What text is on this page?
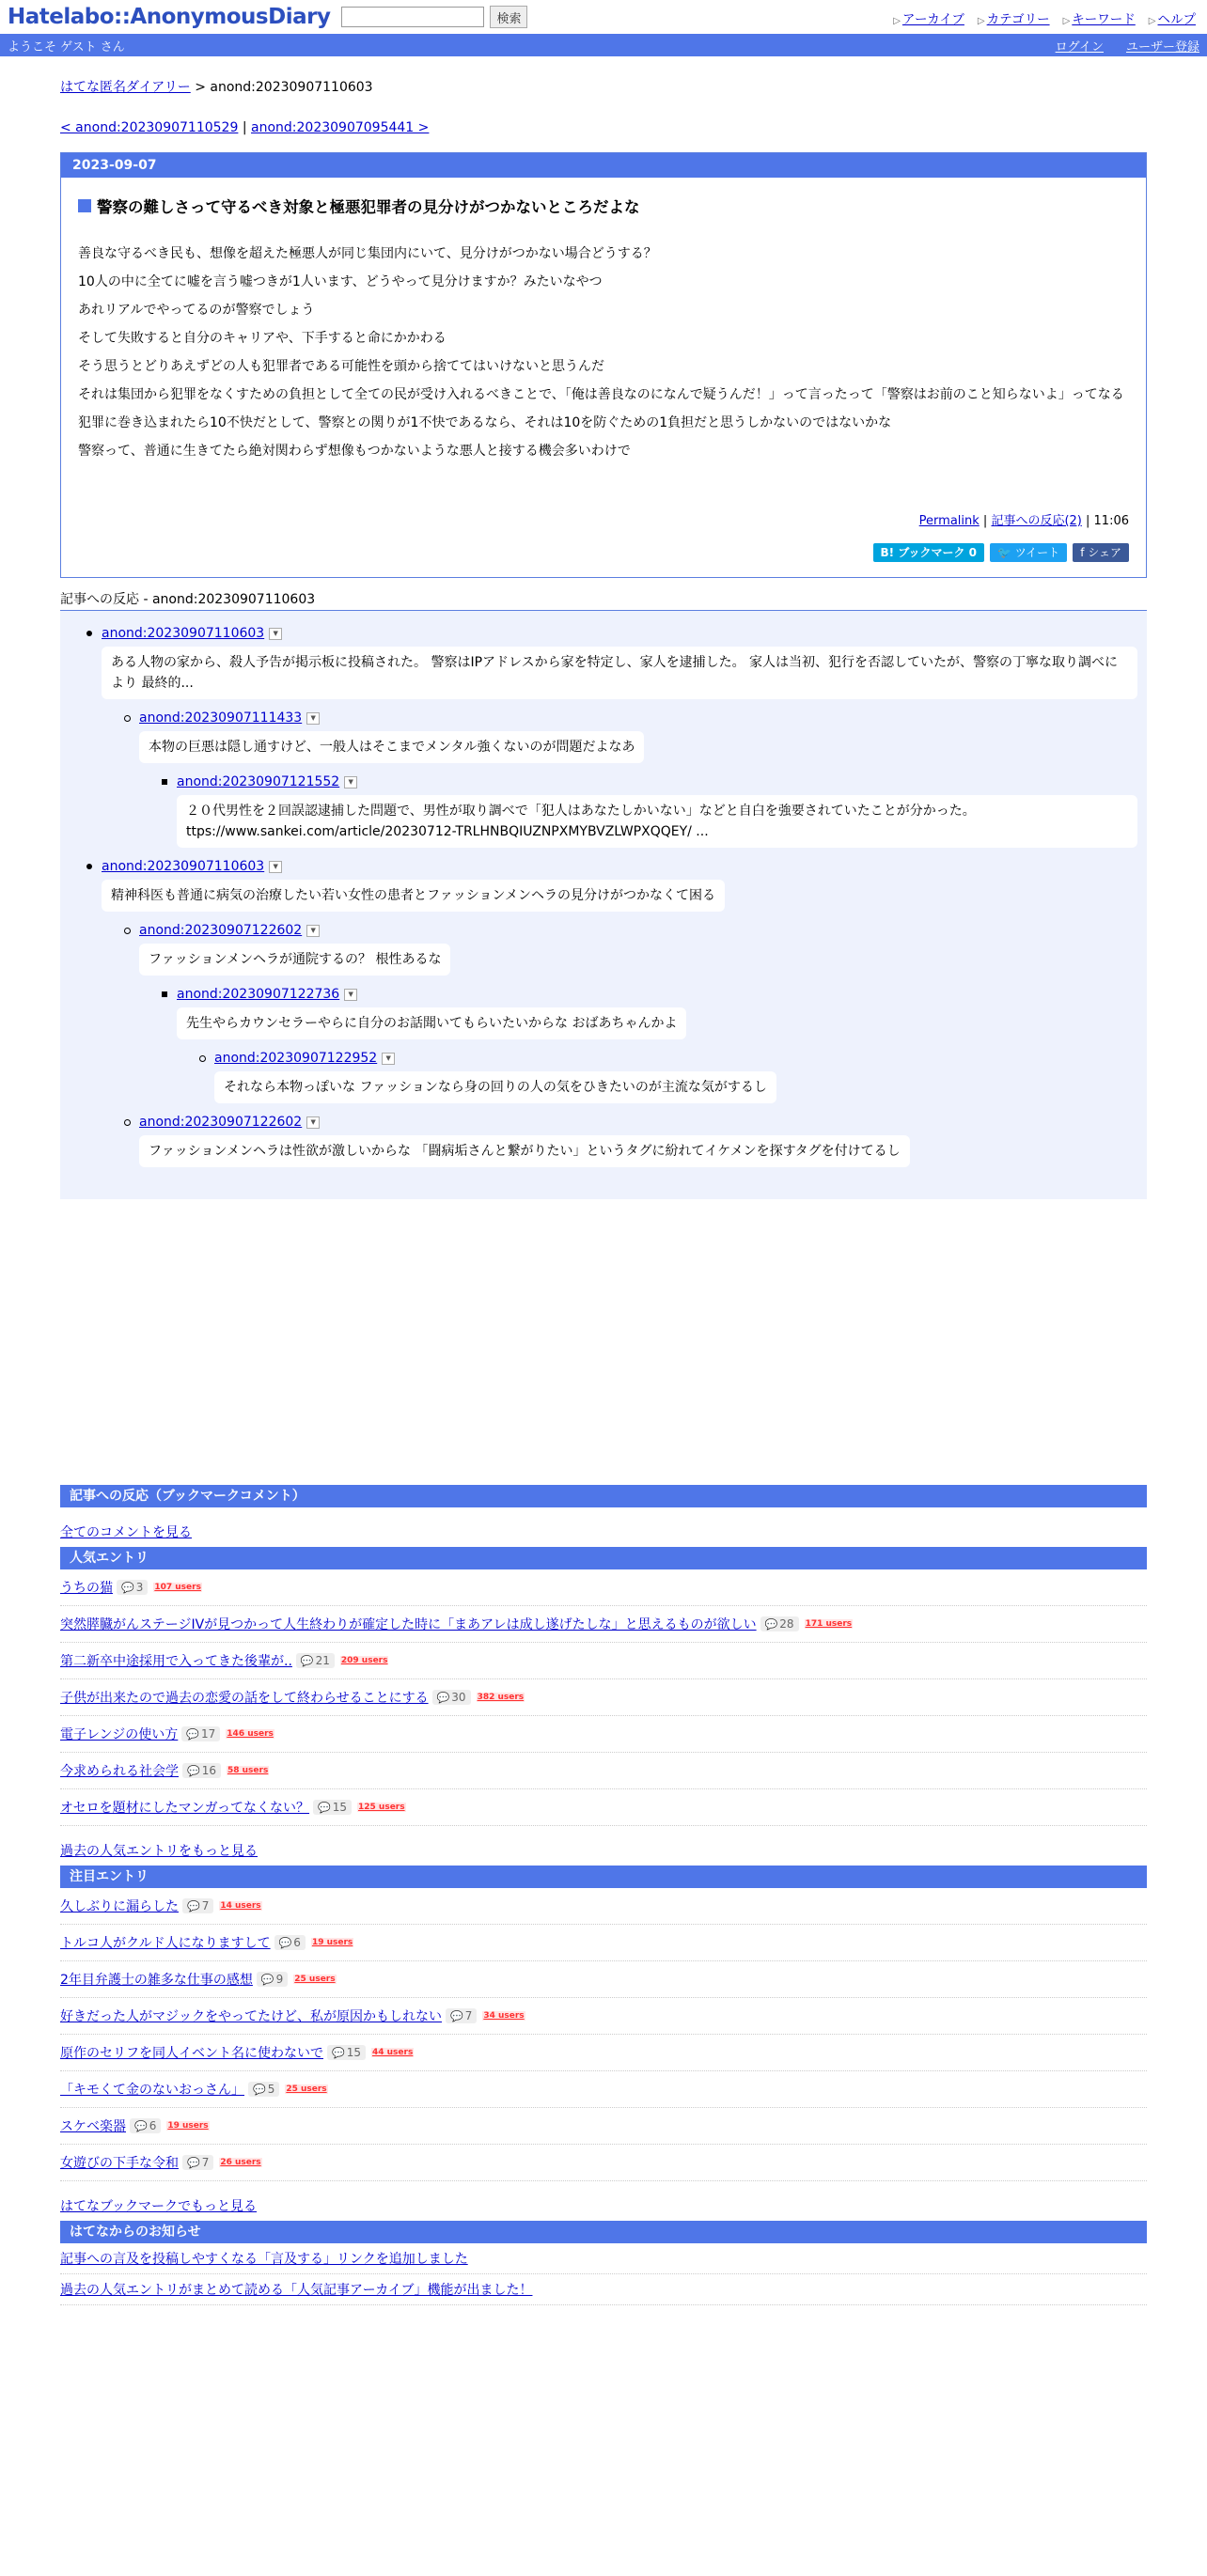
Hatelabo::AnonymousDiary	検索	▷ アーカイブ ▷ カテゴリー ▷ キーワード ▷ ヘルプ
ようこそ ゲスト さん	ログイン ユーザー登録
はてな匿名ダイアリー > anond:20230907110603
< anond:20230907110529 | anond:20230907095441 >
2023-09-07
警察の難しさって守るべき対象と極悪犯罪者の見分けがつかないところだよな

善良な守るべき民も、想像を超えた極悪人が同じ集団内にいて、見分けがつかない場合どうする？

10人の中に全てに嘘を言う嘘つきが1人います、どうやって見分けますか？みたいなやつ

あれリアルでやってるのが警察でしょう

そして失敗すると自分のキャリアや、下手すると命にかかわる

そう思うとどりあえずどの人も犯罪者である可能性を頭から捨ててはいけないと思うんだ

それは集団から犯罪をなくすための負担として全ての民が受け入れるべきことで、「俺は善良なのになんで疑うんだ！」って言ったって「警察はお前のこと知らないよ」ってなる

犯罪に巻き込まれたら10不快だとして、警察との関りが1不快であるなら、それは10を防ぐための1負担だと思うしかないのではないかな

警察って、普通に生きてたら絶対関わらず想像もつかないような悪人と接する機会多いわけで

Permalink | 記事への反応(2) | 11:06
B! ブックマーク 0	🐦 ツイート	f シェア
記事への反応 - anond:20230907110603
anond:20230907110603	▼
ある人物の家から、殺人予告が掲示板に投稿された。 警察はIPアドレスから家を特定し、家人を逮捕した。 家人は当初、犯行を否認していたが、警察の丁寧な取り調べにより 最終的...
anond:20230907111433	▼
本物の巨悪は隠し通すけど、一般人はそこまでメンタル強くないのが問題だよなあ
anond:20230907121552	▼
２０代男性を２回誤認逮捕した問題で、男性が取り調べで「犯人はあなたしかいない」などと自白を強要されていたことが分かった。 ttps://www.sankei.com/article/20230712-TRLHNBQIUZNPXMYBVZLWPXQQEY/ ...
anond:20230907110603	▼
精神科医も普通に病気の治療したい若い女性の患者とファッションメンヘラの見分けがつかなくて困る
anond:20230907122602	▼
ファッションメンヘラが通院するの？ 根性あるな
anond:20230907122736	▼
先生やらカウンセラーやらに自分のお話聞いてもらいたいからな おばあちゃんかよ
anond:20230907122952	▼
それなら本物っぽいな ファッションなら身の回りの人の気をひきたいのが主流な気がするし
anond:20230907122602	▼
ファッションメンヘラは性欲が激しいからな 「闘病垢さんと繋がりたい」というタグに紛れてイケメンを探すタグを付けてるし
記事への反応（ブックマークコメント）
全てのコメントを見る
人気エントリ
うちの猫 💬 3 107 users
突然膵臓がんステージIVが見つかって人生終わりが確定した時に「まあアレは成し遂げたしな」と思えるものが欲しい 💬 28 171 users
第二新卒中途採用で入ってきた後輩が.. 💬 21 209 users
子供が出来たので過去の恋愛の話をして終わらせることにする 💬 30 382 users
電子レンジの使い方 💬 17 146 users
今求められる社会学 💬 16 58 users
オセロを題材にしたマンガってなくない？ 💬 15 125 users
過去の人気エントリをもっと見る
注目エントリ
久しぶりに漏らした 💬 7 14 users
トルコ人がクルド人になりますして 💬 6 19 users
2年目弁護士の雑多な仕事の感想 💬 9 25 users
好きだった人がマジックをやってたけど、私が原因かもしれない 💬 7 34 users
原作のセリフを同人イベント名に使わないで 💬 15 44 users
「キモくて金のないおっさん」 💬 5 25 users
スケベ楽器 💬 6 19 users
女遊びの下手な令和 💬 7 26 users
はてなブックマークでもっと見る
はてなからのお知らせ
記事への言及を投稿しやすくなる「言及する」リンクを追加しました
過去の人気エントリがまとめて読める「人気記事アーカイブ」機能が出ました！
